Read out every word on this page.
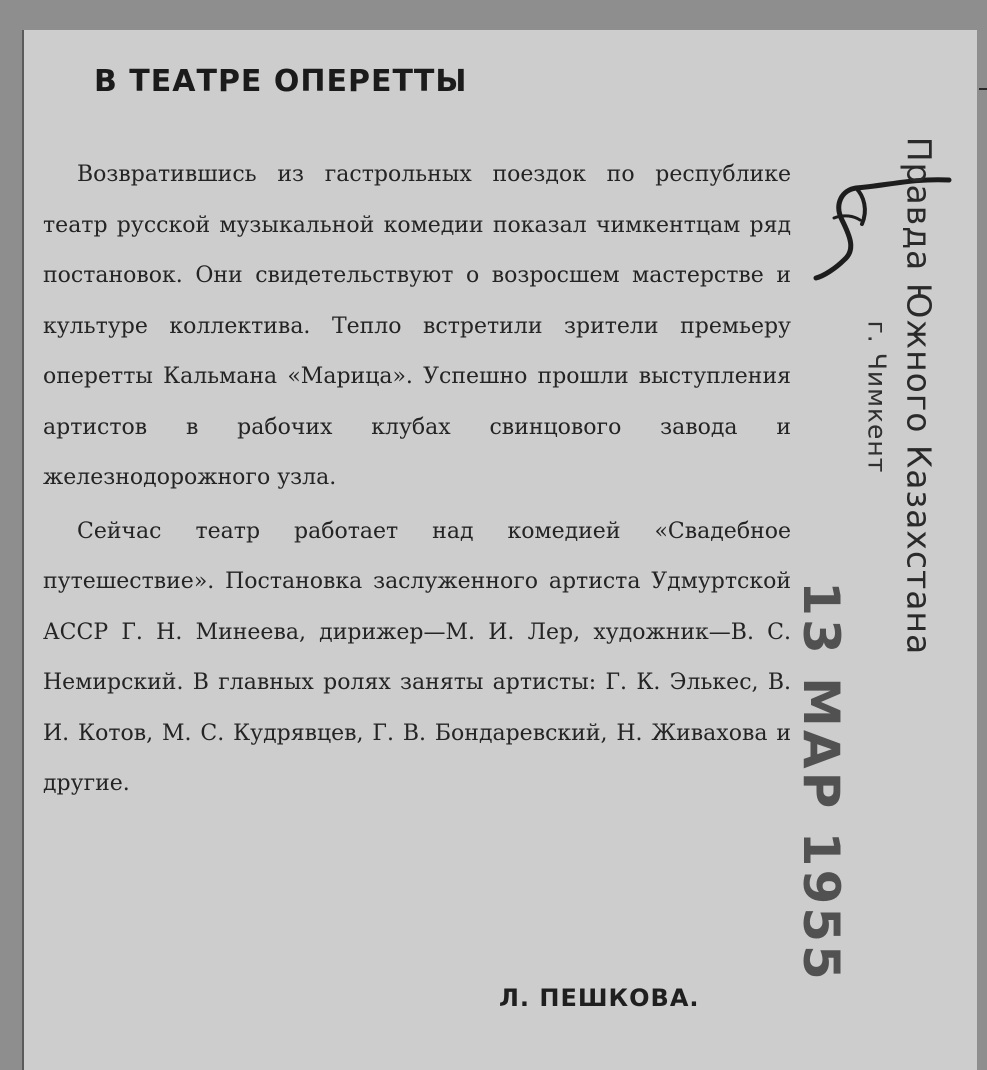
В ТЕАТРЕ ОПЕРЕТТЫ

Возвратившись из гастрольных поездок по республике театр русской музыкальной комедии показал чимкентцам ряд постановок. Они свидетельствуют о возросшем мастерстве и культуре коллектива. Тепло встретили зрители премьеру оперетты Кальмана «Марица». Успешно прошли выступления артистов в рабочих клубах свинцового завода и железнодорожного узла.

Сейчас театр работает над комедией «Свадебное путешествие». Постановка заслуженного артиста Удмуртской АССР Г. Н. Минеева, дирижер—М. И. Лер, художник—В. С. Немирский. В главных ролях заняты артисты: Г. К. Элькес, В. И. Котов, М. С. Кудрявцев, Г. В. Бондаревский, Н. Живахова и другие.

Л. ПЕШКОВА.
Правда Южного Казахстана
г. Чимкент
13 МАР 1955
